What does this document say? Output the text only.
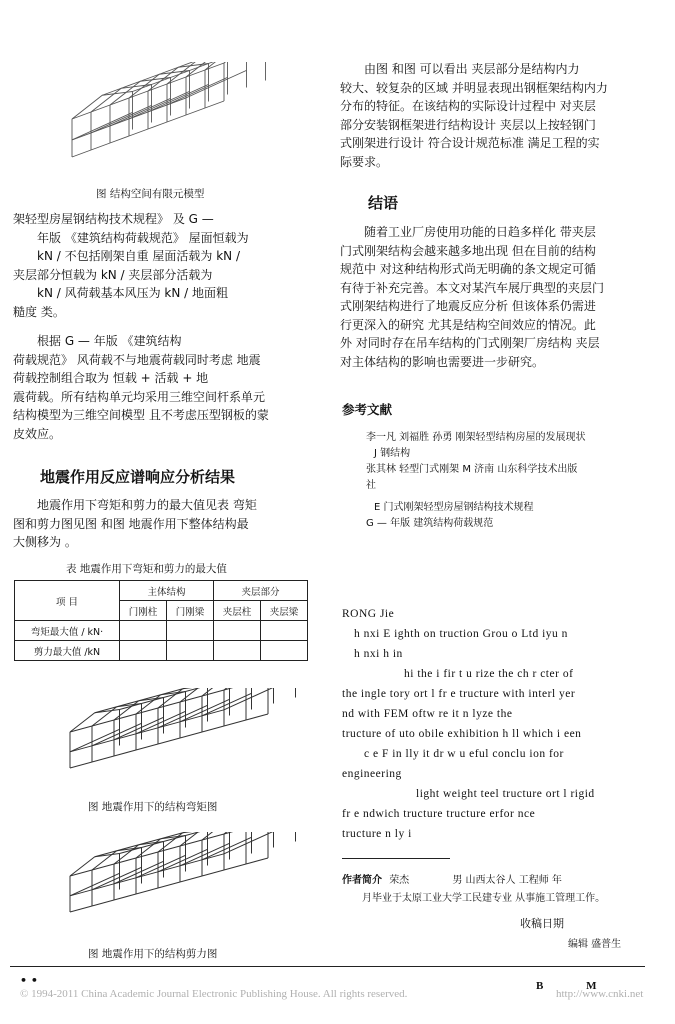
图 结构空间有限元模型

架轻型房屋钢结构技术规程》 及 G —

年版 《建筑结构荷载规范》 屋面恒载为

kN / 不包括刚架自重 屋面活载为 kN /

夹层部分恒载为 kN / 夹层部分活载为

kN / 风荷载基本风压为 kN / 地面粗

糙度 类。

根据 G — 年版 《建筑结构

荷载规范》 风荷载不与地震荷载同时考虑 地震

荷载控制组合取为 恒载 + 活载 + 地

震荷载。所有结构单元均采用三维空间杆系单元

结构模型为三维空间模型 且不考虑压型钢板的蒙

皮效应。

地震作用反应谱响应分析结果

地震作用下弯矩和剪力的最大值见表 弯矩

图和剪力图见图 和图 地震作用下整体结构最

大侧移为 。

表 地震作用下弯矩和剪力的最大值
项 目	主体结构		夹层部分	
	门刚柱	门刚梁	夹层柱	夹层梁
弯矩最大值 / kN·				
剪力最大值 /kN				
图 地震作用下的结构弯矩图
图 地震作用下的结构剪力图

由图 和图 可以看出 夹层部分是结构内力

较大、较复杂的区域 并明显表现出钢框架结构内力

分布的特征。在该结构的实际设计过程中 对夹层

部分安装钢框架进行结构设计 夹层以上按轻钢门

式刚架进行设计 符合设计规范标准 满足工程的实

际要求。

结语

随着工业厂房使用功能的日趋多样化 带夹层

门式刚架结构会越来越多地出现 但在目前的结构

规范中 对这种结构形式尚无明确的条文规定可循

有待于补充完善。本文对某汽车展厅典型的夹层门

式刚架结构进行了地震反应分析 但该体系仍需进

行更深入的研究 尤其是结构空间效应的情况。此

外 对同时存在吊车结构的门式刚架厂房结构 夹层

对主体结构的影响也需要进一步研究。

参考文献

李一凡 刘福胜 孙勇 刚架轻型结构房屋的发展现状

J 钢结构

张其林 轻型门式刚架 M 济南 山东科学技术出版

社

E 门式刚架轻型房屋钢结构技术规程

G — 年版 建筑结构荷载规范

RONG Jie

h nxi E ighth on truction Grou o Ltd iyu n

h nxi h in

hi the i fir t u rize the ch r cter of

the ingle tory ort l fr e tructure with interl yer

nd with FEM oftw re it n lyze the

tructure of uto obile exhibition h ll which i een

c e F in lly it dr w u eful conclu ion for

engineering

light weight teel tructure ort l rigid

fr e ndwich tructure tructure erfor nce

tructure n ly i

作者简介 荣杰	男 山西太谷人 工程师 年
月毕业于太原工业大学工民建专业 从事施工管理工作。
收稿日期
编辑 盛普生
• •
© 1994-2011 China Academic Journal Electronic Publishing House. All rights reserved.
B M
http://www.cnki.net
